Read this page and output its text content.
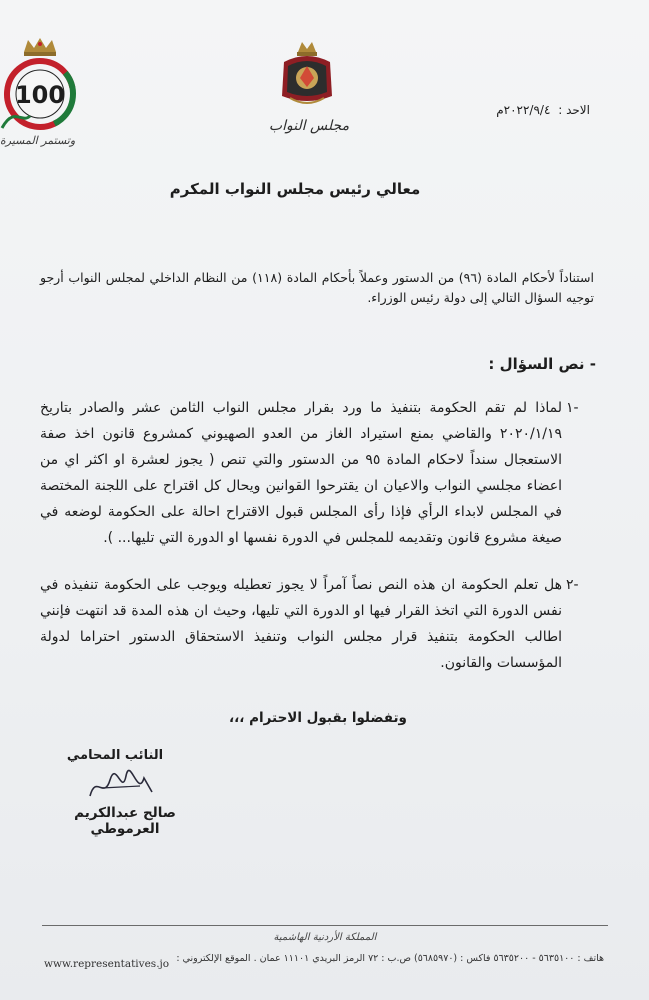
100
وتستمر المسيرة
مجلس النواب
الاحد : ٢٠٢٢/٩/٤م
معالي رئيس مجلس النواب المكرم
استناداً لأحكام المادة (٩٦) من الدستور وعملاً بأحكام المادة (١١٨) من النظام الداخلي لمجلس النواب أرجو توجيه السؤال التالي إلى دولة رئيس الوزراء.
- نص السؤال :
١-
لماذا لم تقم الحكومة بتنفيذ ما ورد بقرار مجلس النواب الثامن عشر والصادر بتاريخ ٢٠٢٠/١/١٩ والقاضي بمنع استيراد الغاز من العدو الصهيوني كمشروع قانون اخذ صفة الاستعجال سنداً لاحكام المادة ٩٥ من الدستور والتي تنص ( يجوز لعشرة او اكثر اي من اعضاء مجلسي النواب والاعيان ان يقترحوا القوانين ويحال كل اقتراح على اللجنة المختصة في المجلس لابداء الرأي فإذا رأى المجلس قبول الاقتراح احالة على الحكومة لوضعه في صيغة مشروع قانون وتقديمه للمجلس في الدورة نفسها او الدورة التي تليها... ).
٢-
هل تعلم الحكومة ان هذه النص نصاً آمراً لا يجوز تعطيله ويوجب على الحكومة تنفيذه في نفس الدورة التي اتخذ القرار فيها او الدورة التي تليها، وحيث ان هذه المدة قد انتهت فإنني اطالب الحكومة بتنفيذ قرار مجلس النواب وتنفيذ الاستحقاق الدستور احتراما لدولة المؤسسات والقانون.
وتفضلوا بقبول الاحترام ،،،
النائب المحامي
صالح عبدالكريم العرموطي
المملكة الأردنية الهاشمية
هاتف : ٥٦٣٥١٠٠ - ٥٦٣٥٢٠٠ فاكس : (٥٦٨٥٩٧٠) ص.ب : ٧٢ الرمز البريدي ١١١٠١ عمان . الموقع الإلكتروني :
www.representatives.jo
